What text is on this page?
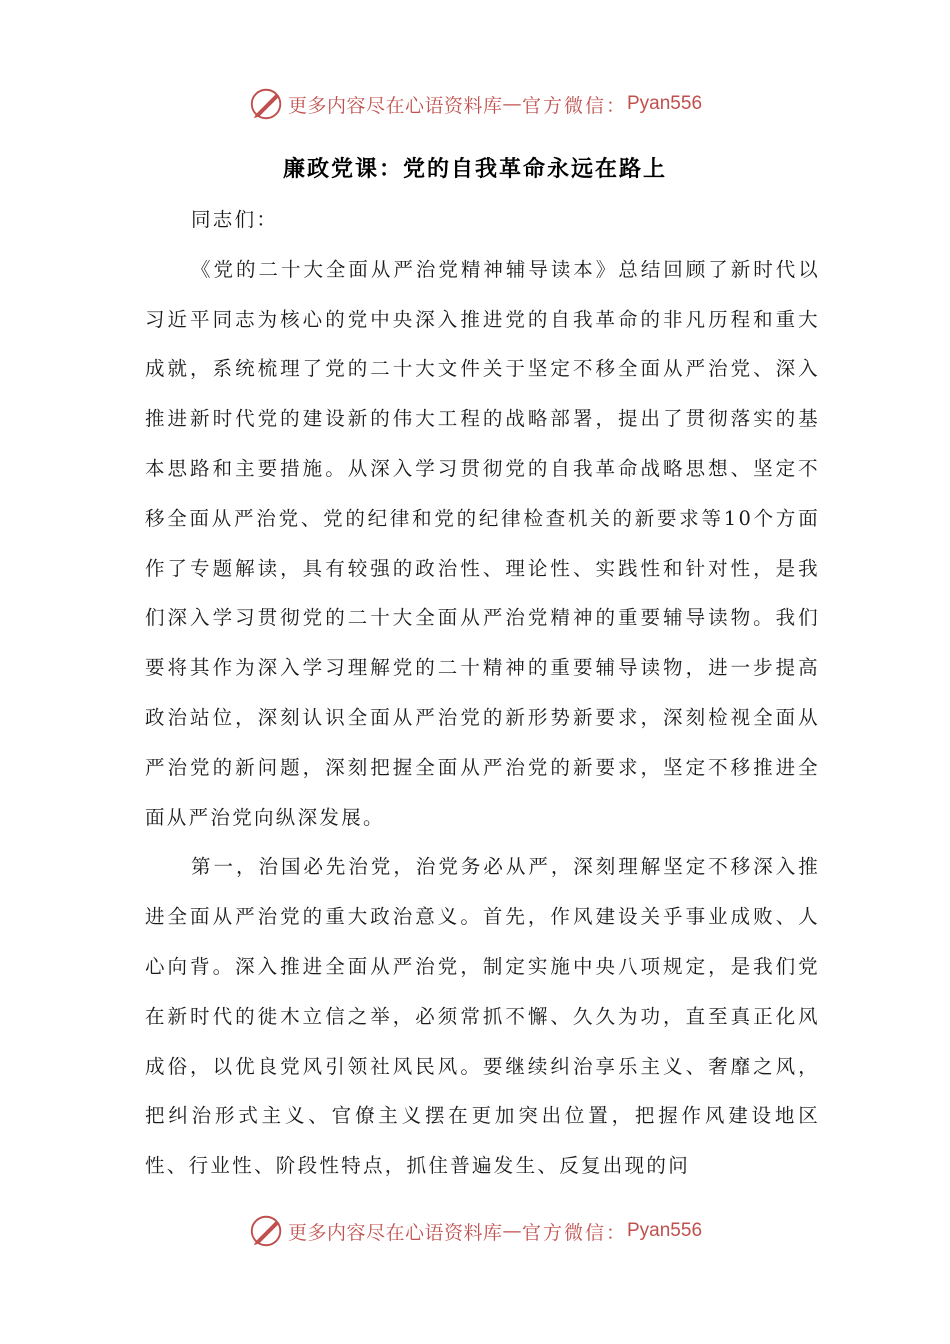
更多内容尽在心语资料库 — 官方微信： Pyan556
廉政党课：党的自我革命永远在路上

同志们：

《党的二十大全面从严治党精神辅导读本》总结回顾了新时代以习近平同志为核心的党中央深入推进党的自我革命的非凡历程和重大成就，系统梳理了党的二十大文件关于坚定不移全面从严治党、深入推进新时代党的建设新的伟大工程的战略部署，提出了贯彻落实的基本思路和主要措施。从深入学习贯彻党的自我革命战略思想、坚定不移全面从严治党、党的纪律和党的纪律检查机关的新要求等10个方面作了专题解读，具有较强的政治性、理论性、实践性和针对性，是我们深入学习贯彻党的二十大全面从严治党精神的重要辅导读物。我们要将其作为深入学习理解党的二十精神的重要辅导读物，进一步提高政治站位，深刻认识全面从严治党的新形势新要求，深刻检视全面从严治党的新问题，深刻把握全面从严治党的新要求，坚定不移推进全面从严治党向纵深发展。

第一，治国必先治党，治党务必从严，深刻理解坚定不移深入推进全面从严治党的重大政治意义。首先，作风建设关乎事业成败、人心向背。深入推进全面从严治党，制定实施中央八项规定，是我们党在新时代的徙木立信之举，必须常抓不懈、久久为功，直至真正化风成俗，以优良党风引领社风民风。要继续纠治享乐主义、奢靡之风，把纠治形式主义、官僚主义摆在更加突出位置，把握作风建设地区性、行业性、阶段性特点，抓住普遍发生、反复出现的问

更多内容尽在心语资料库 — 官方微信： Pyan556
